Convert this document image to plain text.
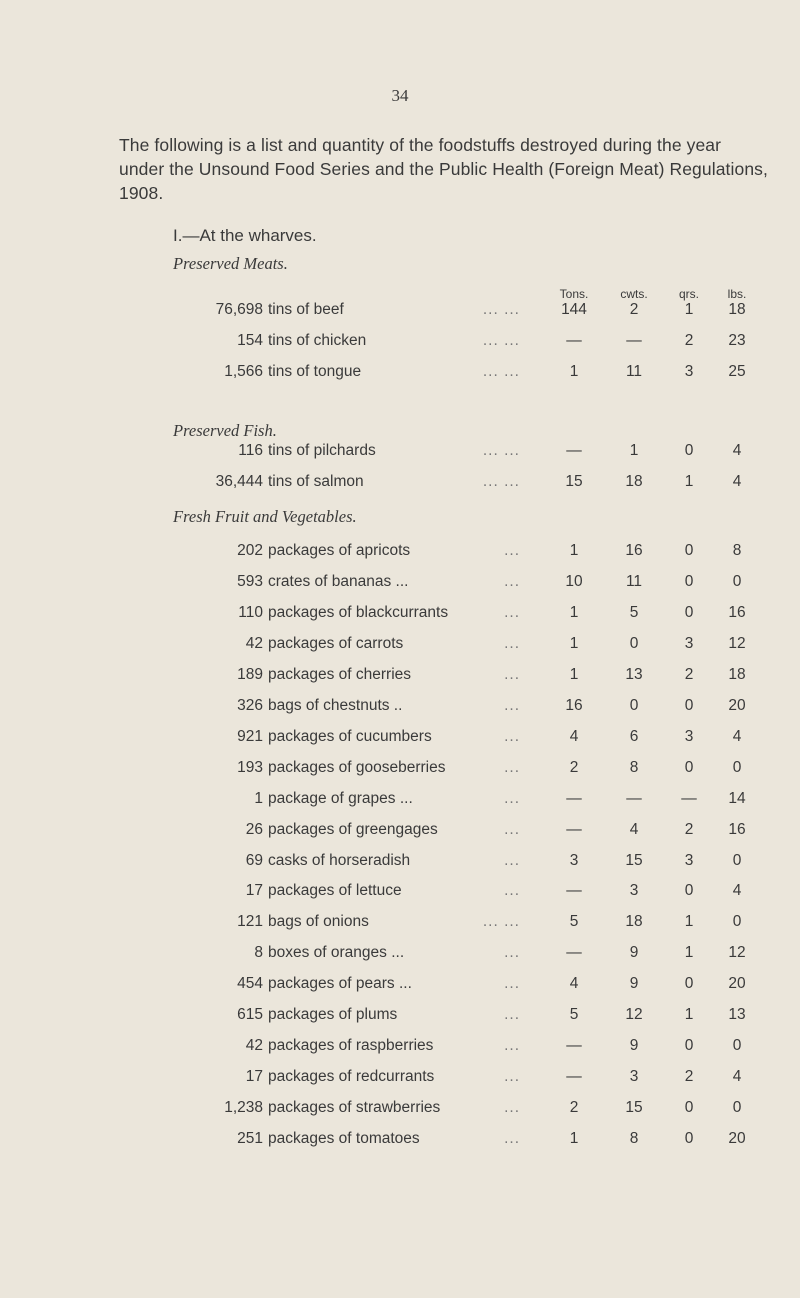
34
The following is a list and quantity of the foodstuffs destroyed during the year under the Unsound Food Series and the Public Health (Foreign Meat) Regulations, 1908.
I.—At the wharves.
Tons.	cwts.	qrs. lbs.
Preserved Meats.
76,698 tins of beef	... ...	144	2	1 18
154 tins of chicken	... ...	—	—	2 23
1,566 tins of tongue	... ...	1	11	3 25
Preserved Fish.
116 tins of pilchards	... ...	—	1	0	4
36,444 tins of salmon	... ...	15	18	1	4
Fresh Fruit and Vegetables.
202 packages of apricots	...	1	16	0	8
593 crates of bananas ...	...	10	11	0	0
110 packages of blackcurrants	...	1	5	0 16
42 packages of carrots	...	1	0	3 12
189 packages of cherries	...	1	13	2 18
326 bags of chestnuts ..	...	16	0	0 20
921 packages of cucumbers	...	4	6	3	4
193 packages of gooseberries	...	2	8	0	0
1 package of grapes ...	...	—	—	— 14
26 packages of greengages	...	—	4	2 16
69 casks of horseradish	...	3	15	3	0
17 packages of lettuce	...	—	3	0	4
121 bags of onions	... ...	5	18	1	0
8 boxes of oranges ...	...	—	9	1 12
454 packages of pears ...	...	4	9	0 20
615 packages of plums	...	5	12	1 13
42 packages of raspberries	...	—	9	0	0
17 packages of redcurrants	...	—	3	2	4
1,238 packages of strawberries	...	2	15	0	0
251 packages of tomatoes	...	1	8	0 20
